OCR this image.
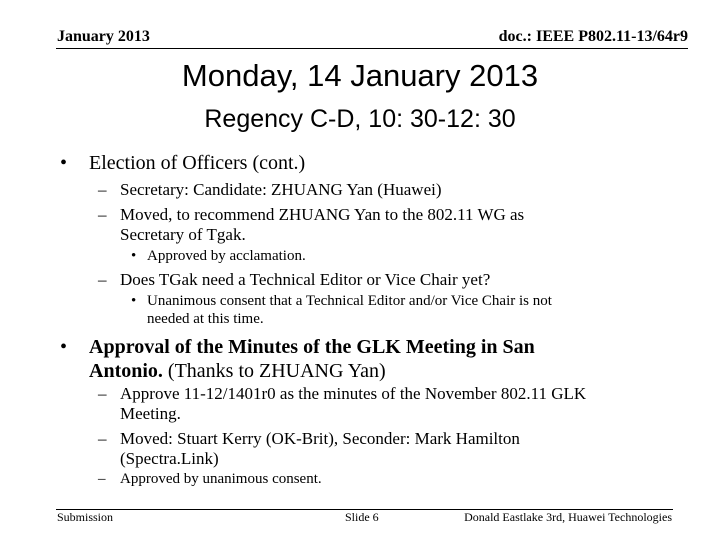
January 2013	doc.: IEEE P802.11-13/64r9
Monday, 14 January 2013
Regency C-D, 10: 30-12: 30
• Election of Officers (cont.)
– Secretary: Candidate: ZHUANG Yan (Huawei)
– Moved, to recommend ZHUANG Yan to the 802.11 WG as
Secretary of Tgak.
• Approved by acclamation.
– Does TGak need a Technical Editor or Vice Chair yet?
• Unanimous consent that a Technical Editor and/or Vice Chair is not
needed at this time.
• Approval of the Minutes of the GLK Meeting in San
Antonio. (Thanks to ZHUANG Yan)
– Approve 11-12/1401r0 as the minutes of the November 802.11 GLK
Meeting.
– Moved: Stuart Kerry (OK-Brit), Seconder: Mark Hamilton
(Spectra.Link)
– Approved by unanimous consent.
Submission	Slide 6	Donald Eastlake 3rd, Huawei Technologies
